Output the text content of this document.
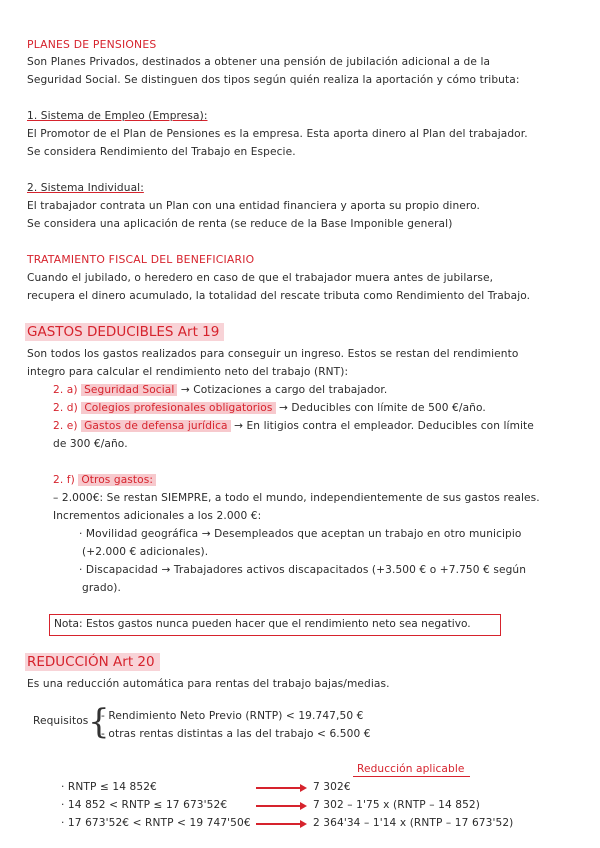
PLANES DE PENSIONES
Son Planes Privados, destinados a obtener una pensión de jubilación adicional a de la
Seguridad Social. Se distinguen dos tipos según quién realiza la aportación y cómo tributa:
1. Sistema de Empleo (Empresa):
El Promotor de el Plan de Pensiones es la empresa. Esta aporta dinero al Plan del trabajador.
Se considera Rendimiento del Trabajo en Especie.
2. Sistema Individual:
El trabajador contrata un Plan con una entidad financiera y aporta su propio dinero.
Se considera una aplicación de renta (se reduce de la Base Imponible general)
TRATAMIENTO FISCAL DEL BENEFICIARIO
Cuando el jubilado, o heredero en caso de que el trabajador muera antes de jubilarse,
recupera el dinero acumulado, la totalidad del rescate tributa como Rendimiento del Trabajo.
GASTOS DEDUCIBLES Art 19
Son todos los gastos realizados para conseguir un ingreso. Estos se restan del rendimiento
integro para calcular el rendimiento neto del trabajo (RNT):
2. a) Seguridad Social → Cotizaciones a cargo del trabajador.
2. d) Colegios profesionales obligatorios → Deducibles con límite de 500 €/año.
2. e) Gastos de defensa jurídica → En litigios contra el empleador. Deducibles con límite
de 300 €/año.
2. f) Otros gastos:
– 2.000€: Se restan SIEMPRE, a todo el mundo, independientemente de sus gastos reales.
Incrementos adicionales a los 2.000 €:
· Movilidad geográfica → Desempleados que aceptan un trabajo en otro municipio
(+2.000 € adicionales).
· Discapacidad → Trabajadores activos discapacitados (+3.500 € o +7.750 € según
grado).
Nota: Estos gastos nunca pueden hacer que el rendimiento neto sea negativo.
REDUCCIÓN Art 20
Es una reducción automática para rentas del trabajo bajas/medias.
Requisitos {
- Rendimiento Neto Previo (RNTP) < 19.747,50 €
- otras rentas distintas a las del trabajo < 6.500 €
Reducción aplicable
· RNTP ≤ 14 852€	7 302€
· 14 852 < RNTP ≤ 17 673'52€	7 302 – 1'75 x (RNTP – 14 852)
· 17 673'52€ < RNTP < 19 747'50€	2 364'34 – 1'14 x (RNTP – 17 673'52)
